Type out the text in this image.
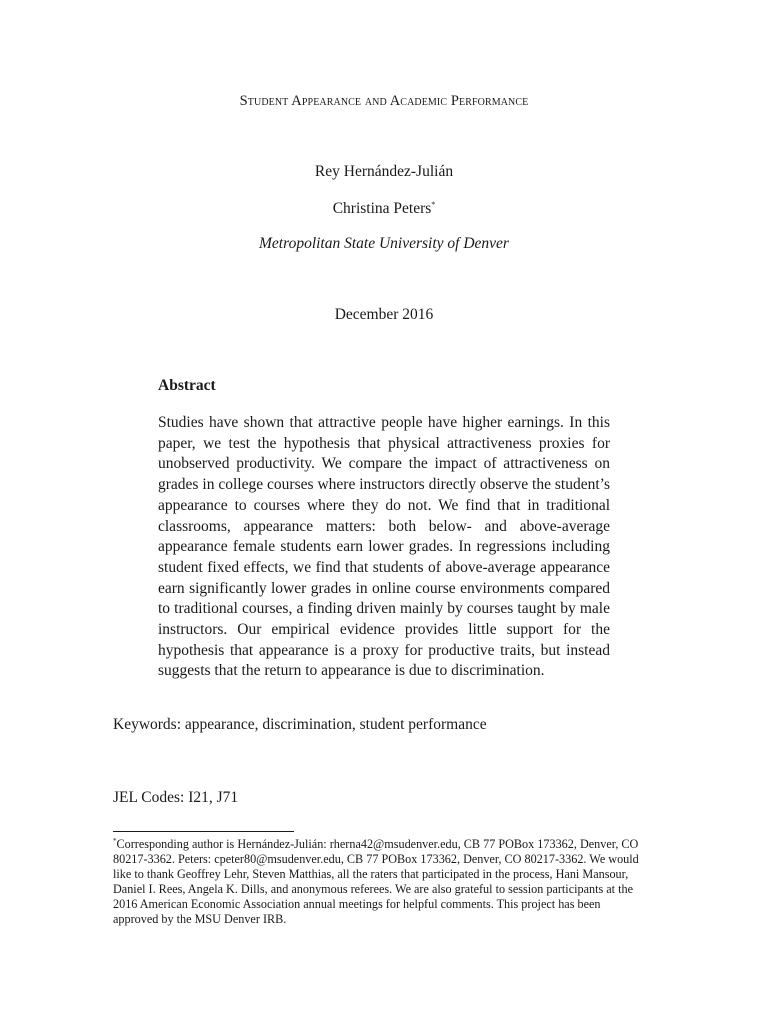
Student Appearance and Academic Performance
Rey Hernández-Julián
Christina Peters*
Metropolitan State University of Denver
December 2016
Abstract
Studies have shown that attractive people have higher earnings. In this paper, we test the hypothesis that physical attractiveness proxies for unobserved productivity. We compare the impact of attractiveness on grades in college courses where instructors directly observe the student’s appearance to courses where they do not. We find that in traditional classrooms, appearance matters: both below- and above-average appearance female students earn lower grades. In regressions including student fixed effects, we find that students of above-average appearance earn significantly lower grades in online course environments compared to traditional courses, a finding driven mainly by courses taught by male instructors. Our empirical evidence provides little support for the hypothesis that appearance is a proxy for productive traits, but instead suggests that the return to appearance is due to discrimination.
Keywords: appearance, discrimination, student performance
JEL Codes: I21, J71
*Corresponding author is Hernández-Julián: rherna42@msudenver.edu, CB 77 POBox 173362, Denver, CO 80217-3362. Peters: cpeter80@msudenver.edu, CB 77 POBox 173362, Denver, CO 80217-3362. We would like to thank Geoffrey Lehr, Steven Matthias, all the raters that participated in the process, Hani Mansour, Daniel I. Rees, Angela K. Dills, and anonymous referees. We are also grateful to session participants at the 2016 American Economic Association annual meetings for helpful comments. This project has been approved by the MSU Denver IRB.
